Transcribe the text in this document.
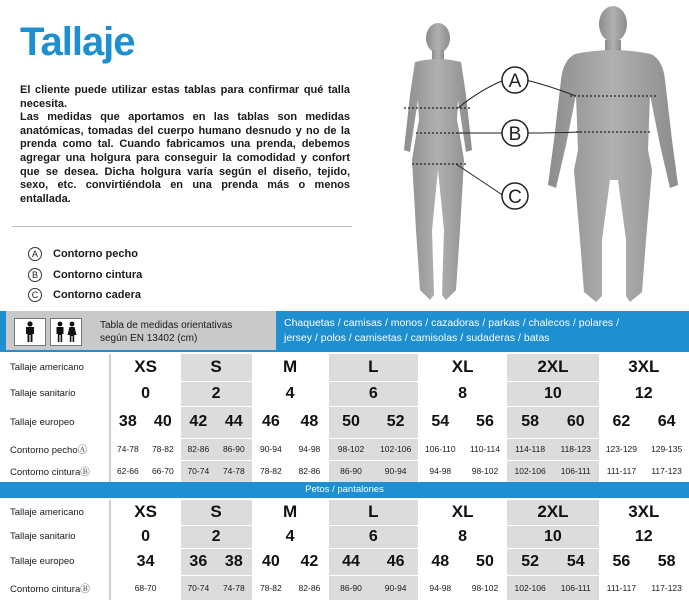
Tallaje

El cliente puede utilizar estas tablas para confirmar qué talla necesita.

Las medidas que aportamos en las tablas son medidas anatómicas, tomadas del cuerpo humano desnudo y no de la prenda como tal. Cuando fabricamos una prenda, debemos agregar una holgura para conseguir la comodidad y confort que se desea. Dicha holgura varía según el diseño, tejido, sexo, etc. convirtiéndola en una prenda más o menos entallada.

A	Contorno pecho
B	Contorno cintura
C	Contorno cadera
A
B
C
Tabla de medidas orientativas
según EN 13402 (cm)
Chaquetas / camisas / monos / cazadoras / parkas / chalecos / polares /
jersey / polos / camisetas / camisolas / sudaderas / batas
Tallaje americano	XS		S		M		L		XL		2XL		3XL	
Tallaje sanitario	0		2		4		6		8		10		12	
Tallaje europeo	38	40	42	44	46	48	50	52	54	56	58	60	62	64
Contorno pechoⒶ	74-78	78-82	82-86	86-90	90-94	94-98	98-102	102-106	106-110	110-114	114-118	118-123	123-129	129-135
Contorno cinturaⒷ	62-66	66-70	70-74	74-78	78-82	82-86	86-90	90-94	94-98	98-102	102-106	106-111	111-117	117-123
Petos / pantalones
Tallaje americano	XS	S		M		L		XL		2XL		3XL	
Tallaje sanitario	0	2		4		6		8		10		12	
Tallaje europeo	34	36	38	40	42	44	46	48	50	52	54	56	58
Contorno cinturaⒷ	68-70	70-74	74-78	78-82	82-86	86-90	90-94	94-98	98-102	102-106	106-111	111-117	117-123
